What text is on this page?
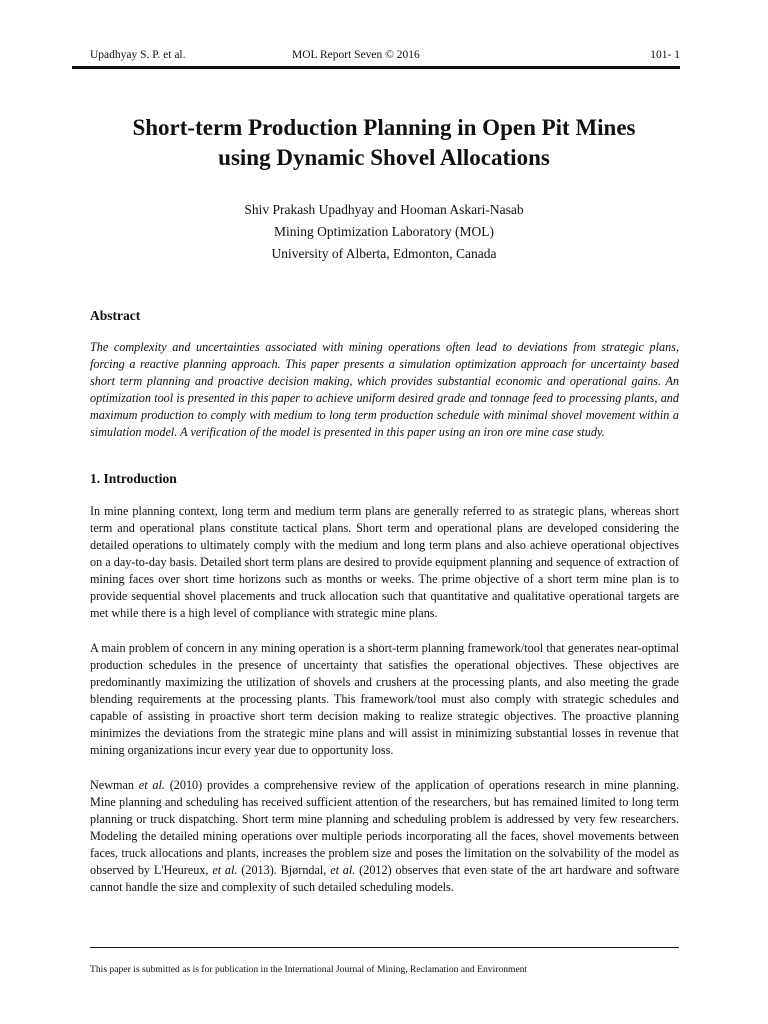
Upadhyay S. P. et al.	MOL Report Seven © 2016	101- 1
Short-term Production Planning in Open Pit Mines
using Dynamic Shovel Allocations
Shiv Prakash Upadhyay and Hooman Askari-Nasab
Mining Optimization Laboratory (MOL)
University of Alberta, Edmonton, Canada
Abstract

The complexity and uncertainties associated with mining operations often lead to deviations from strategic plans, forcing a reactive planning approach. This paper presents a simulation optimization approach for uncertainty based short term planning and proactive decision making, which provides substantial economic and operational gains. An optimization tool is presented in this paper to achieve uniform desired grade and tonnage feed to processing plants, and maximum production to comply with medium to long term production schedule with minimal shovel movement within a simulation model. A verification of the model is presented in this paper using an iron ore mine case study.

1. Introduction

In mine planning context, long term and medium term plans are generally referred to as strategic plans, whereas short term and operational plans constitute tactical plans. Short term and operational plans are developed considering the detailed operations to ultimately comply with the medium and long term plans and also achieve operational objectives on a day-to-day basis. Detailed short term plans are desired to provide equipment planning and sequence of extraction of mining faces over short time horizons such as months or weeks. The prime objective of a short term mine plan is to provide sequential shovel placements and truck allocation such that quantitative and qualitative operational targets are met while there is a high level of compliance with strategic mine plans.

A main problem of concern in any mining operation is a short-term planning framework/tool that generates near-optimal production schedules in the presence of uncertainty that satisfies the operational objectives. These objectives are predominantly maximizing the utilization of shovels and crushers at the processing plants, and also meeting the grade blending requirements at the processing plants. This framework/tool must also comply with strategic schedules and capable of assisting in proactive short term decision making to realize strategic objectives. The proactive planning minimizes the deviations from the strategic mine plans and will assist in minimizing substantial losses in revenue that mining organizations incur every year due to opportunity loss.

Newman et al. (2010) provides a comprehensive review of the application of operations research in mine planning. Mine planning and scheduling has received sufficient attention of the researchers, but has remained limited to long term planning or truck dispatching. Short term mine planning and scheduling problem is addressed by very few researchers. Modeling the detailed mining operations over multiple periods incorporating all the faces, shovel movements between faces, truck allocations and plants, increases the problem size and poses the limitation on the solvability of the model as observed by L'Heureux, et al. (2013). Bjørndal, et al. (2012) observes that even state of the art hardware and software cannot handle the size and complexity of such detailed scheduling models.

This paper is submitted as is for publication in the International Journal of Mining, Reclamation and Environment
